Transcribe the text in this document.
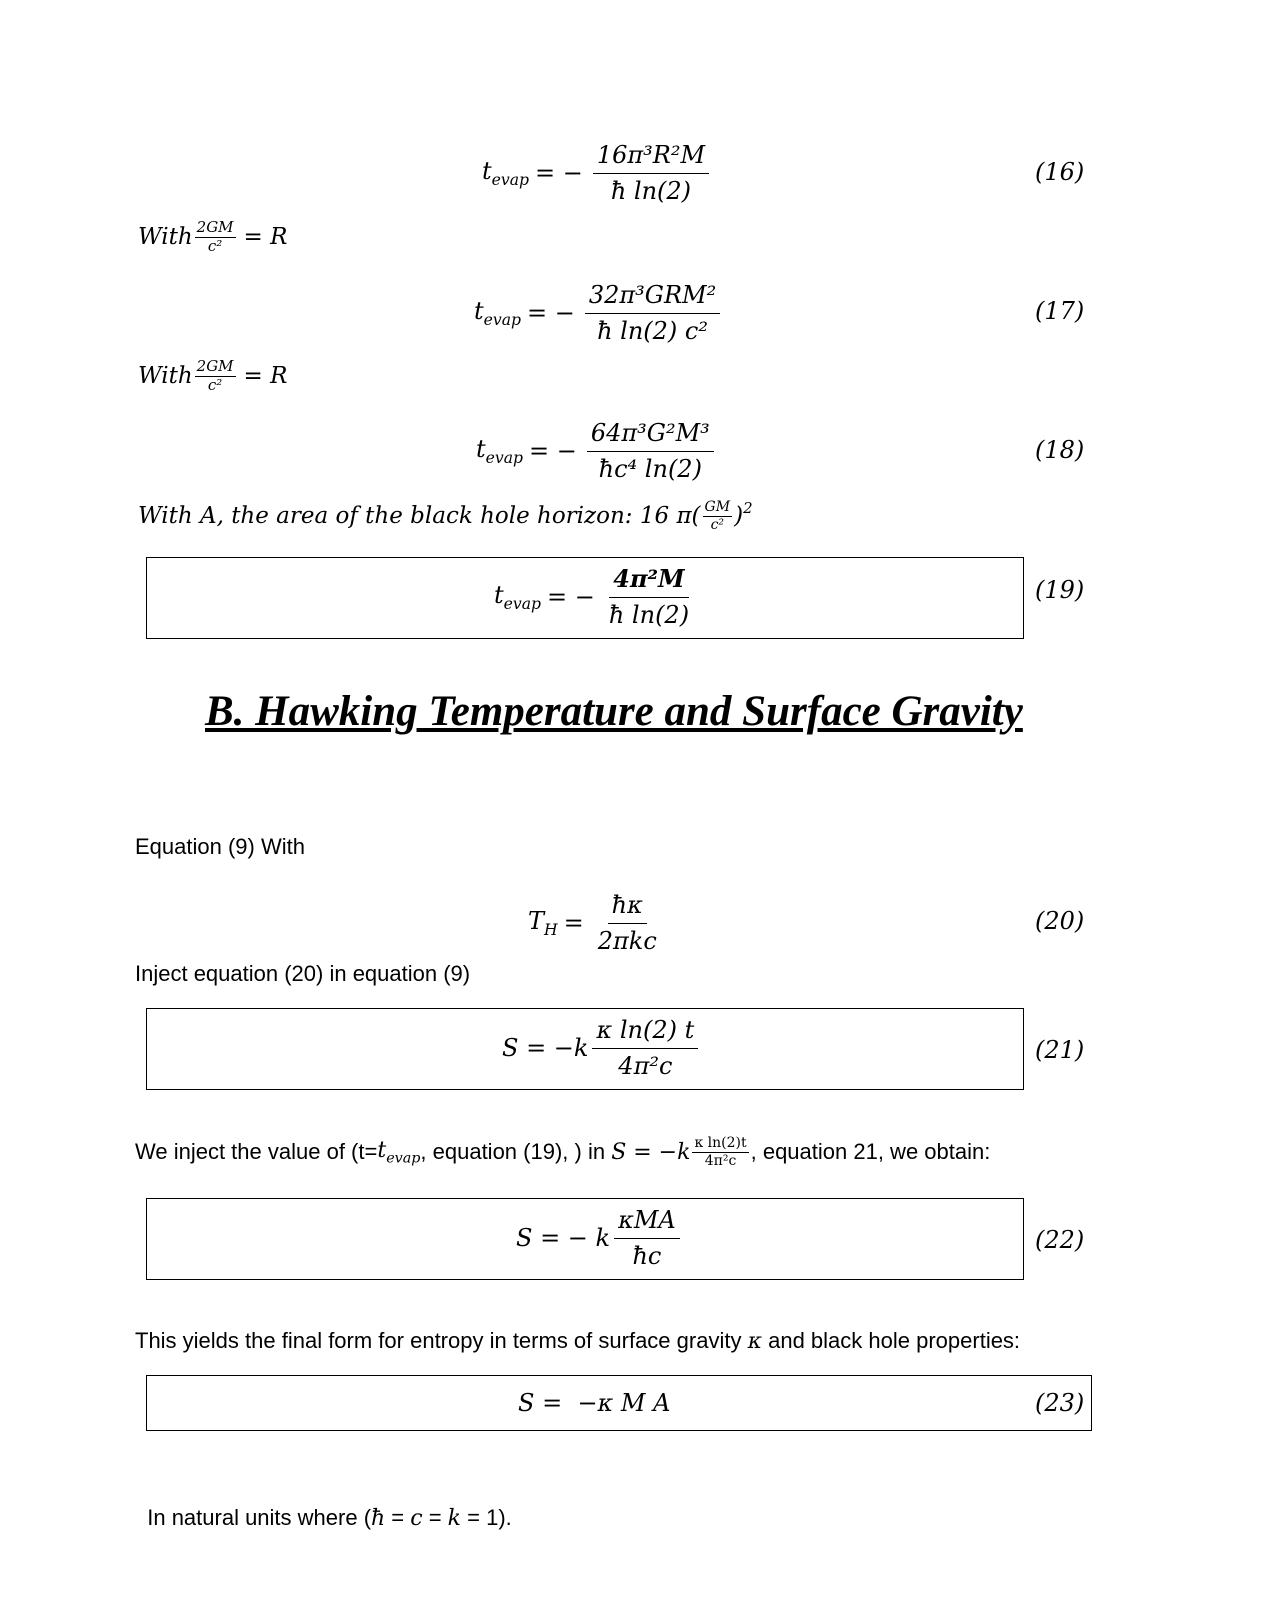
$t_{evap}$ = − $\frac{\text{16π³R²M}}{\text{ħ ln(2)}}$	(16)
With $\frac{2GM}{\text{c²}} = R$
$t_{evap}$ = − $\frac{\text{32π³GRM²}}{\text{ħ ln(2) c²}}$	(17)
With $\frac{2GM}{\text{c²}} = R$
$t_{evap}$ = − $\frac{\text{64π³G²M³}}{\text{ħc⁴ ln(2)}}$	(18)
With A, the area of the black hole horizon: 16 $\pi( \frac{GM}{\text{c²}} )^2$
$t_{evap}$ = − $\frac{\text{4π²M}}{\text{ħ ln(2)}}$	(19)
B. Hawking Temperature and Surface Gravity
Equation (9) With
$T_H = \frac{ħ\kappa}{\text{2πkc}}$	(20)
Inject equation (20) in equation (9)
$S = -k \frac{\text{κ ln(2) t}}{\text{4π²c}}$	(21)
We inject the value of ($t= t_{evap}$ , equation (19), ) in $S = -k \frac{\text{κ ln(2)t}}{\text{4π²c}}$ , equation 21, we obtain:
S = − k $\frac{\text{κMA}}{ħc}$	(22)
This yields the final form for entropy in terms of surface gravity κ and black hole properties:
S =  −κ M A	(23)

In natural units where (ħ = c = k = 1).
